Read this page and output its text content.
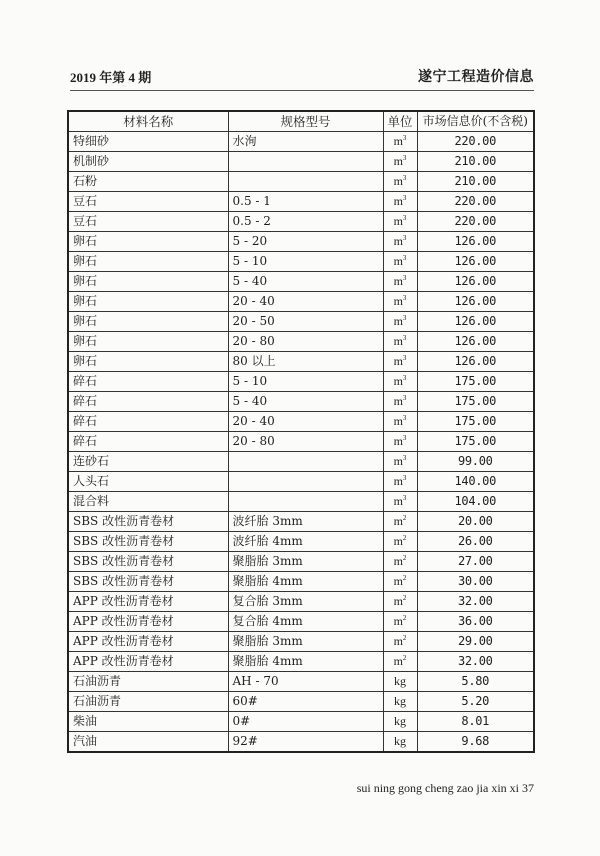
2019 年第 4 期	遂宁工程造价信息
材料名称	规格型号	单位	市场信息价(不含税)
特细砂	水洵	$m^3$	220.00
机制砂		$m^3$	210.00
石粉		$m^3$	210.00
豆石	0.5 - 1	$m^3$	220.00
豆石	0.5 - 2	$m^3$	220.00
卵石	5 - 20	$m^3$	126.00
卵石	5 - 10	$m^3$	126.00
卵石	5 - 40	$m^3$	126.00
卵石	20 - 40	$m^3$	126.00
卵石	20 - 50	$m^3$	126.00
卵石	20 - 80	$m^3$	126.00
卵石	80 以上	$m^3$	126.00
碎石	5 - 10	$m^3$	175.00
碎石	5 - 40	$m^3$	175.00
碎石	20 - 40	$m^3$	175.00
碎石	20 - 80	$m^3$	175.00
连砂石		$m^3$	99.00
人头石		$m^3$	140.00
混合料		$m^3$	104.00
SBS 改性沥青卷材	波纤胎 3mm	$m^2$	20.00
SBS 改性沥青卷材	波纤胎 4mm	$m^2$	26.00
SBS 改性沥青卷材	聚脂胎 3mm	$m^2$	27.00
SBS 改性沥青卷材	聚脂胎 4mm	$m^2$	30.00
APP 改性沥青卷材	复合胎 3mm	$m^2$	32.00
APP 改性沥青卷材	复合胎 4mm	$m^2$	36.00
APP 改性沥青卷材	聚脂胎 3mm	$m^2$	29.00
APP 改性沥青卷材	聚脂胎 4mm	$m^2$	32.00
石油沥青	AH - 70	kg	5.80
石油沥青	60#	kg	5.20
柴油	0#	kg	8.01
汽油	92#	kg	9.68
sui ning gong cheng zao jia xin xi 37
